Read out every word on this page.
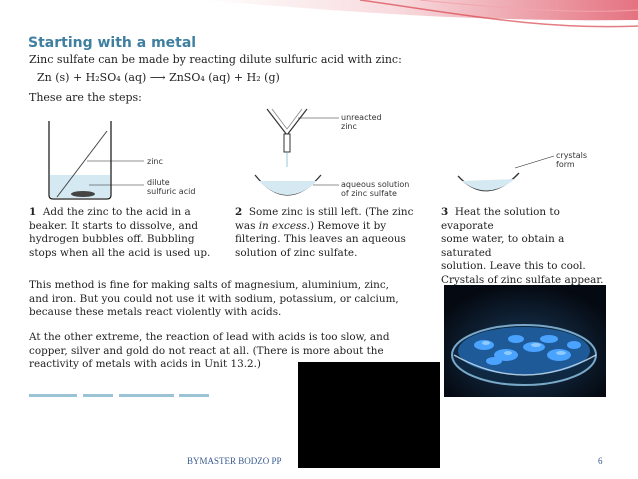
Starting with a metal
Zinc sulfate can be made by reacting dilute sulfuric acid with zinc:
Zn (s) + H₂SO₄ (aq) ⟶ ZnSO₄ (aq) + H₂ (g)
These are the steps:
zinc
dilute
sulfuric acid
unreacted
zinc
aqueous solution
of zinc sulfate
crystals
form
1 Add the zinc to the acid in a
beaker. It starts to dissolve, and
hydrogen bubbles off. Bubbling
stops when all the acid is used up.
2 Some zinc is still left. (The zinc
was in excess.) Remove it by
filtering. This leaves an aqueous
solution of zinc sulfate.
3 Heat the solution to evaporate
some water, to obtain a saturated
solution. Leave this to cool.
Crystals of zinc sulfate appear.
This method is fine for making salts of magnesium, aluminium, zinc,
and iron. But you could not use it with sodium, potassium, or calcium,
because these metals react violently with acids.
At the other extreme, the reaction of lead with acids is too slow, and
copper, silver and gold do not react at all. (There is more about the
reactivity of metals with acids in Unit 13.2.)
BYMASTER BODZO PP	6
